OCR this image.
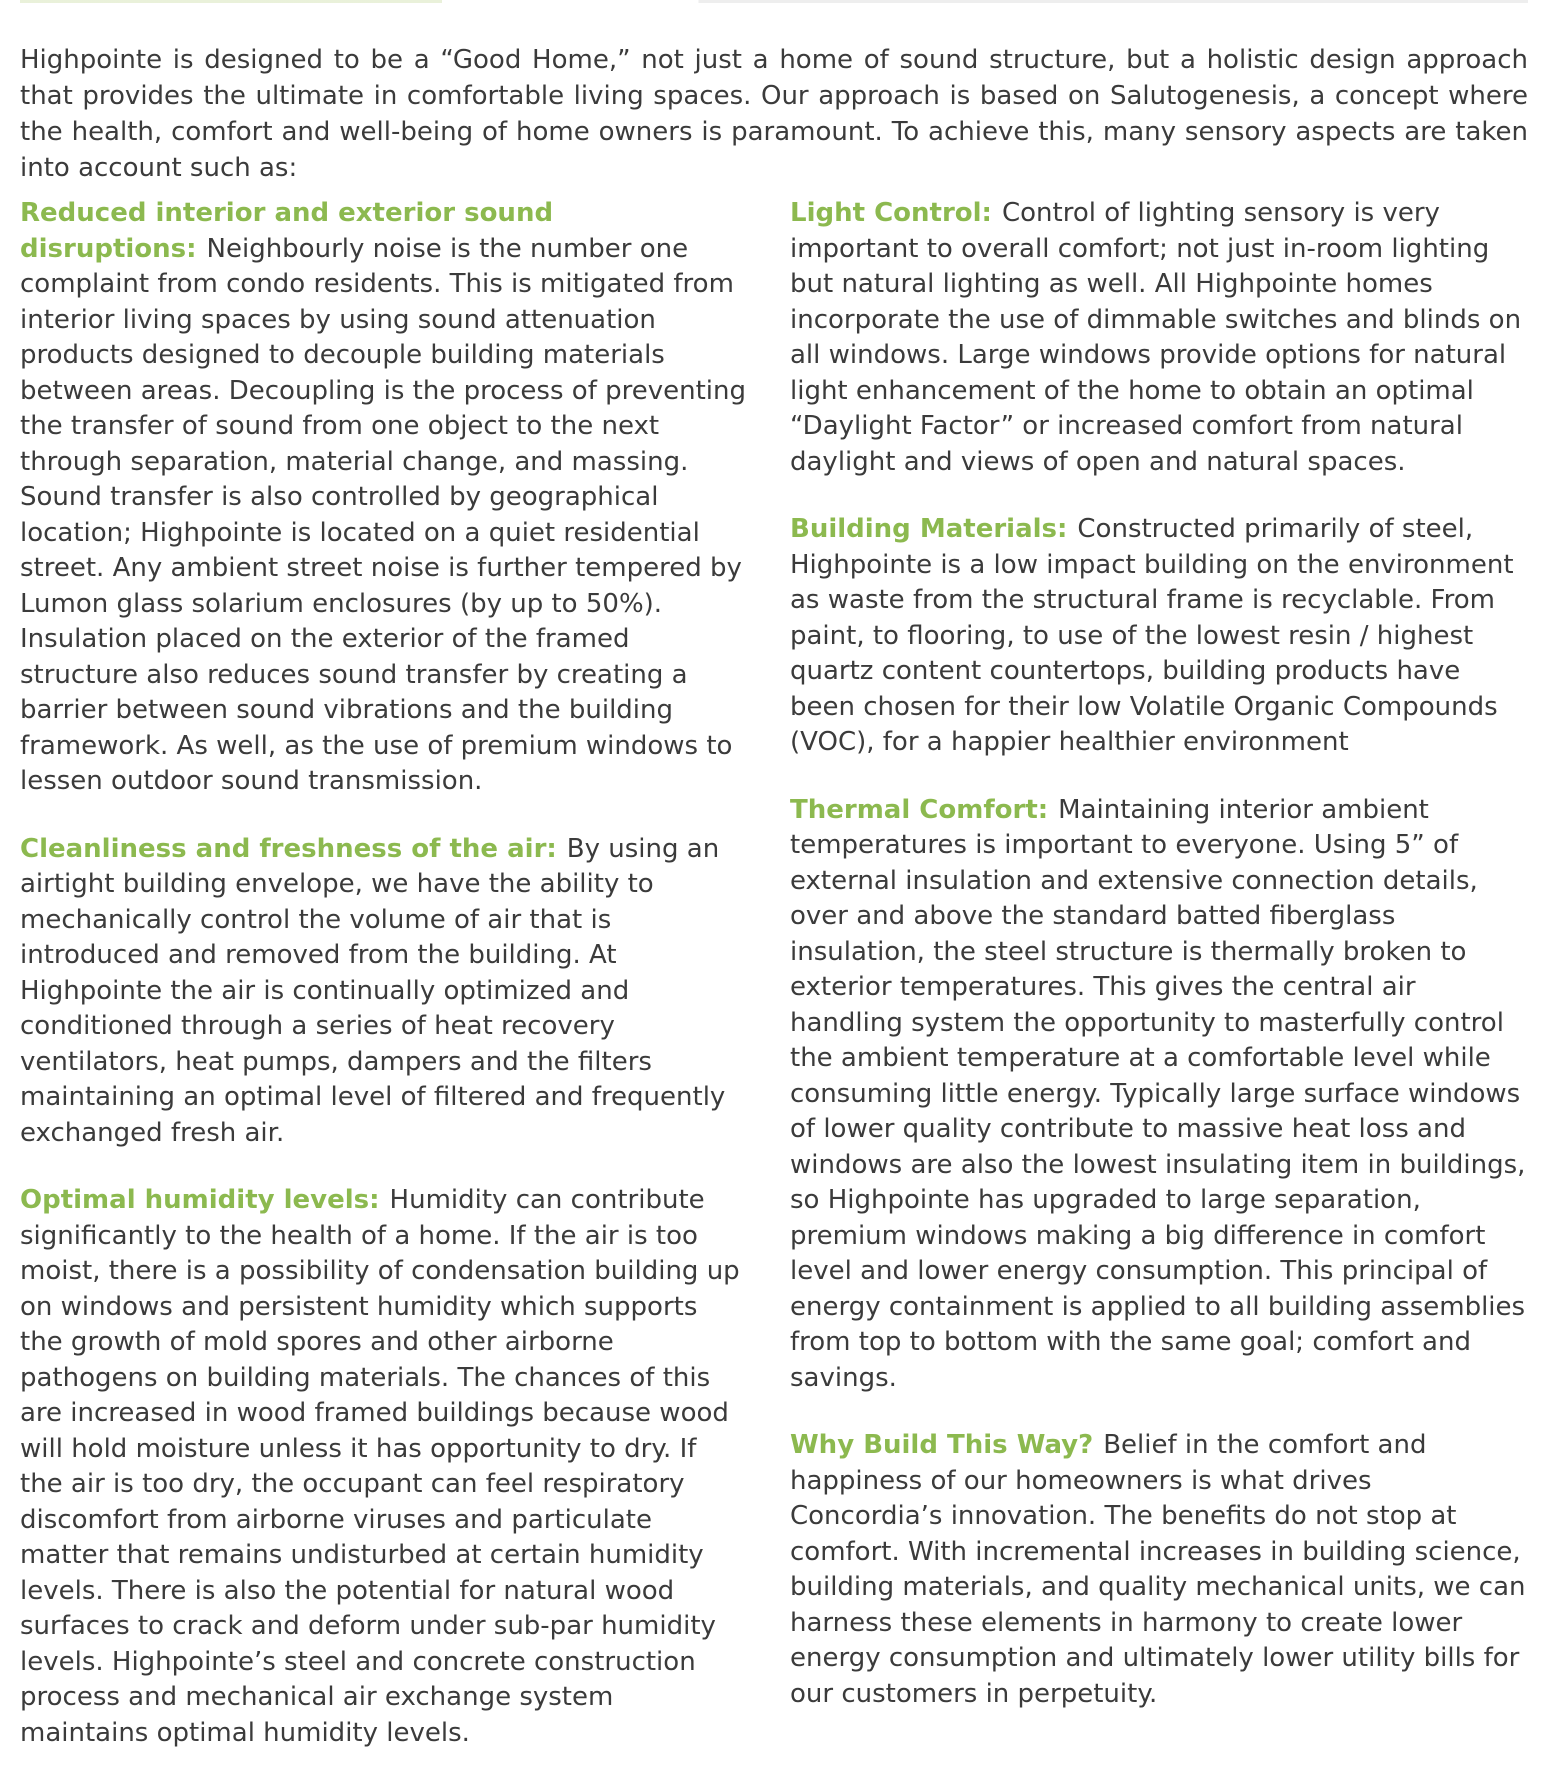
Highpointe is designed to be a “Good Home,” not just a home of sound structure, but a holistic design approach that provides the ultimate in comfortable living spaces. Our approach is based on Salutogenesis, a concept where the health, comfort and well-being of home owners is paramount. To achieve this, many sensory aspects are taken into account such as:

Reduced interior and exterior sound disruptions: Neighbourly noise is the number one complaint from condo residents. This is mitigated from interior living spaces by using sound attenuation products designed to decouple building materials between areas. Decoupling is the process of preventing the transfer of sound from one object to the next through separation, material change, and massing. Sound transfer is also controlled by geographical location; Highpointe is located on a quiet residential street. Any ambient street noise is further tempered by Lumon glass solarium enclosures (by up to 50%). Insulation placed on the exterior of the framed structure also reduces sound transfer by creating a barrier between sound vibrations and the building framework. As well, as the use of premium windows to lessen outdoor sound transmission.

Cleanliness and freshness of the air: By using an airtight building envelope, we have the ability to mechanically control the volume of air that is introduced and removed from the building. At Highpointe the air is continually optimized and conditioned through a series of heat recovery ventilators, heat pumps, dampers and the filters maintaining an optimal level of filtered and frequently exchanged fresh air.

Optimal humidity levels: Humidity can contribute significantly to the health of a home. If the air is too moist, there is a possibility of condensation building up on windows and persistent humidity which supports the growth of mold spores and other airborne pathogens on building materials. The chances of this are increased in wood framed buildings because wood will hold moisture unless it has opportunity to dry. If the air is too dry, the occupant can feel respiratory discomfort from airborne viruses and particulate matter that remains undisturbed at certain humidity levels. There is also the potential for natural wood surfaces to crack and deform under sub-par humidity levels. Highpointe’s steel and concrete construction process and mechanical air exchange system maintains optimal humidity levels.

Light Control: Control of lighting sensory is very important to overall comfort; not just in-room lighting but natural lighting as well. All Highpointe homes incorporate the use of dimmable switches and blinds on all windows. Large windows provide options for natural light enhancement of the home to obtain an optimal “Daylight Factor” or increased comfort from natural daylight and views of open and natural spaces.

Building Materials: Constructed primarily of steel, Highpointe is a low impact building on the environment as waste from the structural frame is recyclable. From paint, to flooring, to use of the lowest resin / highest quartz content countertops, building products have been chosen for their low Volatile Organic Compounds (VOC), for a happier healthier environment

Thermal Comfort: Maintaining interior ambient temperatures is important to everyone. Using 5” of external insulation and extensive connection details, over and above the standard batted fiberglass insulation, the steel structure is thermally broken to exterior temperatures. This gives the central air handling system the opportunity to masterfully control the ambient temperature at a comfortable level while consuming little energy. Typically large surface windows of lower quality contribute to massive heat loss and windows are also the lowest insulating item in buildings, so Highpointe has upgraded to large separation, premium windows making a big difference in comfort level and lower energy consumption. This principal of energy containment is applied to all building assemblies from top to bottom with the same goal; comfort and savings.

Why Build This Way? Belief in the comfort and happiness of our homeowners is what drives Concordia’s innovation. The benefits do not stop at comfort. With incremental increases in building science, building materials, and quality mechanical units, we can harness these elements in harmony to create lower energy consumption and ultimately lower utility bills for our customers in perpetuity.
